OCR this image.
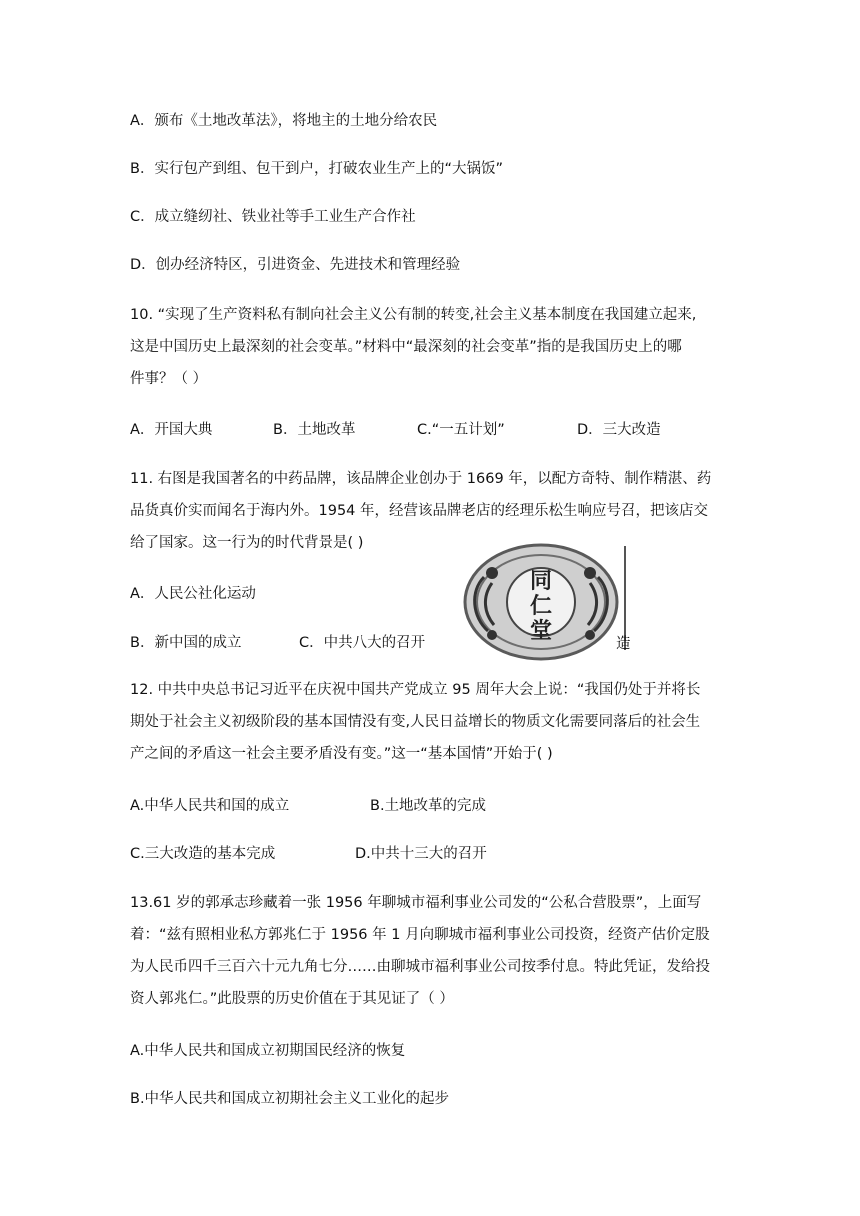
A．颁布《土地改革法》，将地主的土地分给农民
B．实行包产到组、包干到户，打破农业生产上的“大锅饭”
C．成立缝纫社、铁业社等手工业生产合作社
D．创办经济特区，引进资金、先进技术和管理经验
10. “实现了生产资料私有制向社会主义公有制的转变,社会主义基本制度在我国建立起来,
这是中国历史上最深刻的社会变革。”材料中“最深刻的社会变革”指的是我国历史上的哪
件事？（ ）
A．开国大典	B．土地改革	C.“一五计划”	D．三大改造
11. 右图是我国著名的中药品牌，该品牌企业创办于 1669 年，以配方奇特、制作精湛、药
品货真价实而闻名于海内外。1954 年，经营该品牌老店的经理乐松生响应号召，把该店交
给了国家。这一行为的时代背景是( )
A．人民公社化运动
B．新中国的成立	C．中共八大的召开
同
仁
堂	造
12. 中共中央总书记习近平在庆祝中国共产党成立 95 周年大会上说：“我国仍处于并将长
期处于社会主义初级阶段的基本国情没有变,人民日益增长的物质文化需要同落后的社会生
产之间的矛盾这一社会主要矛盾没有变。”这一“基本国情”开始于( )
A.中华人民共和国的成立	B.土地改革的完成
C.三大改造的基本完成	D.中共十三大的召开
13.61 岁的郭承志珍藏着一张 1956 年聊城市福利事业公司发的“公私合营股票”，上面写
着：“兹有照相业私方郭兆仁于 1956 年 1 月向聊城市福利事业公司投资，经资产估价定股
为人民币四千三百六十元九角七分……由聊城市福利事业公司按季付息。特此凭证，发给投
资人郭兆仁。”此股票的历史价值在于其见证了（ ）
A.中华人民共和国成立初期国民经济的恢复
B.中华人民共和国成立初期社会主义工业化的起步
